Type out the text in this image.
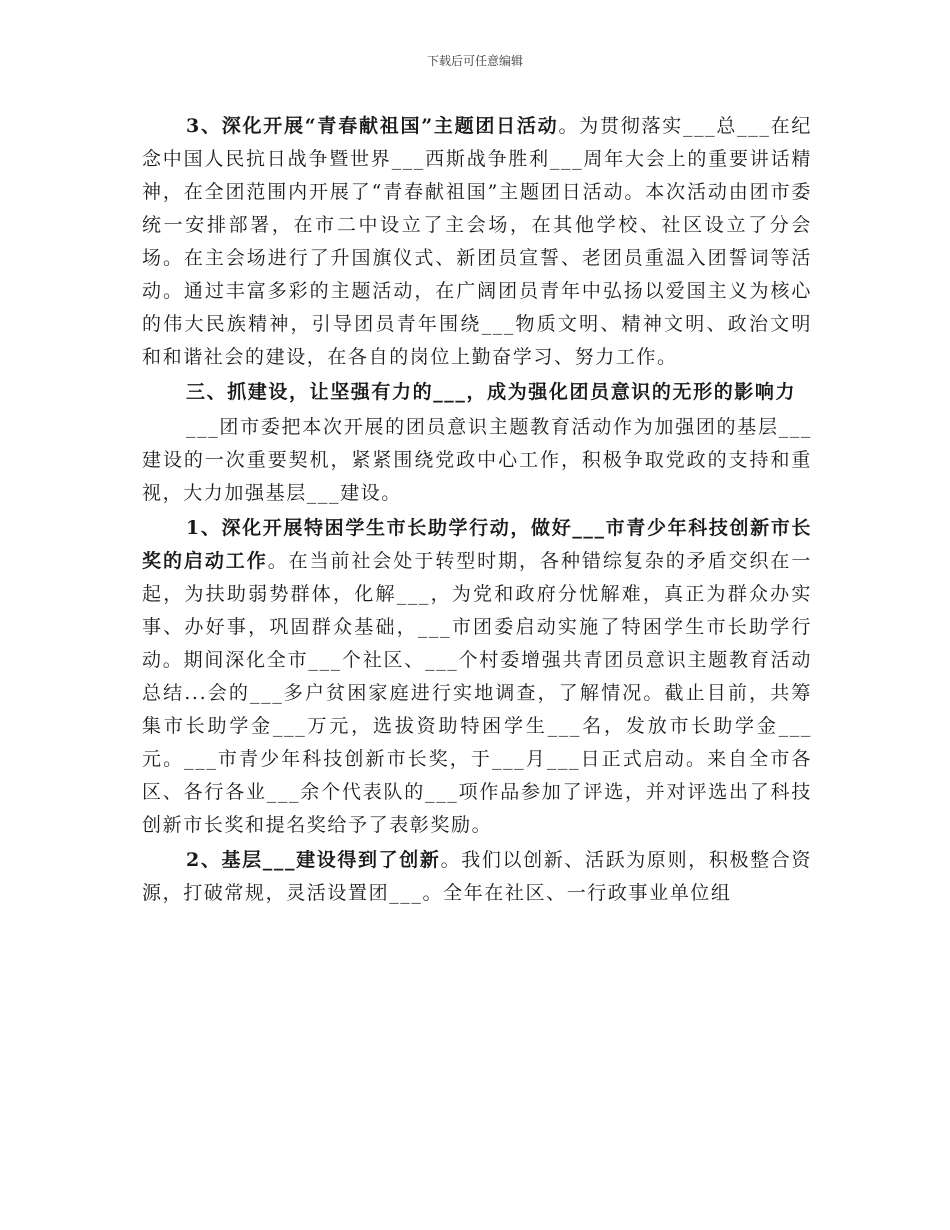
下载后可任意编辑

3、深化开展“青春献祖国”主题团日活动。为贯彻落实___总___在纪念中国人民抗日战争暨世界___西斯战争胜利___周年大会上的重要讲话精神，在全团范围内开展了“青春献祖国”主题团日活动。本次活动由团市委统一安排部署，在市二中设立了主会场，在其他学校、社区设立了分会场。在主会场进行了升国旗仪式、新团员宣誓、老团员重温入团誓词等活动。通过丰富多彩的主题活动，在广阔团员青年中弘扬以爱国主义为核心的伟大民族精神，引导团员青年围绕___物质文明、精神文明、政治文明和和谐社会的建设，在各自的岗位上勤奋学习、努力工作。

三、抓建设，让坚强有力的___，成为强化团员意识的无形的影响力

___团市委把本次开展的团员意识主题教育活动作为加强团的基层___建设的一次重要契机，紧紧围绕党政中心工作，积极争取党政的支持和重视，大力加强基层___建设。

1、深化开展特困学生市长助学行动，做好___市青少年科技创新市长奖的启动工作。在当前社会处于转型时期，各种错综复杂的矛盾交织在一起，为扶助弱势群体，化解___，为党和政府分忧解难，真正为群众办实事、办好事，巩固群众基础，___市团委启动实施了特困学生市长助学行动。期间深化全市___个社区、___个村委增强共青团员意识主题教育活动总结...会的___多户贫困家庭进行实地调查，了解情况。截止目前，共筹集市长助学金___万元，选拔资助特困学生___名，发放市长助学金___元。___市青少年科技创新市长奖，于___月___日正式启动。来自全市各区、各行各业___余个代表队的___项作品参加了评选，并对评选出了科技创新市长奖和提名奖给予了表彰奖励。

2、基层___建设得到了创新。我们以创新、活跃为原则，积极整合资源，打破常规，灵活设置团___。全年在社区、一行政事业单位组
